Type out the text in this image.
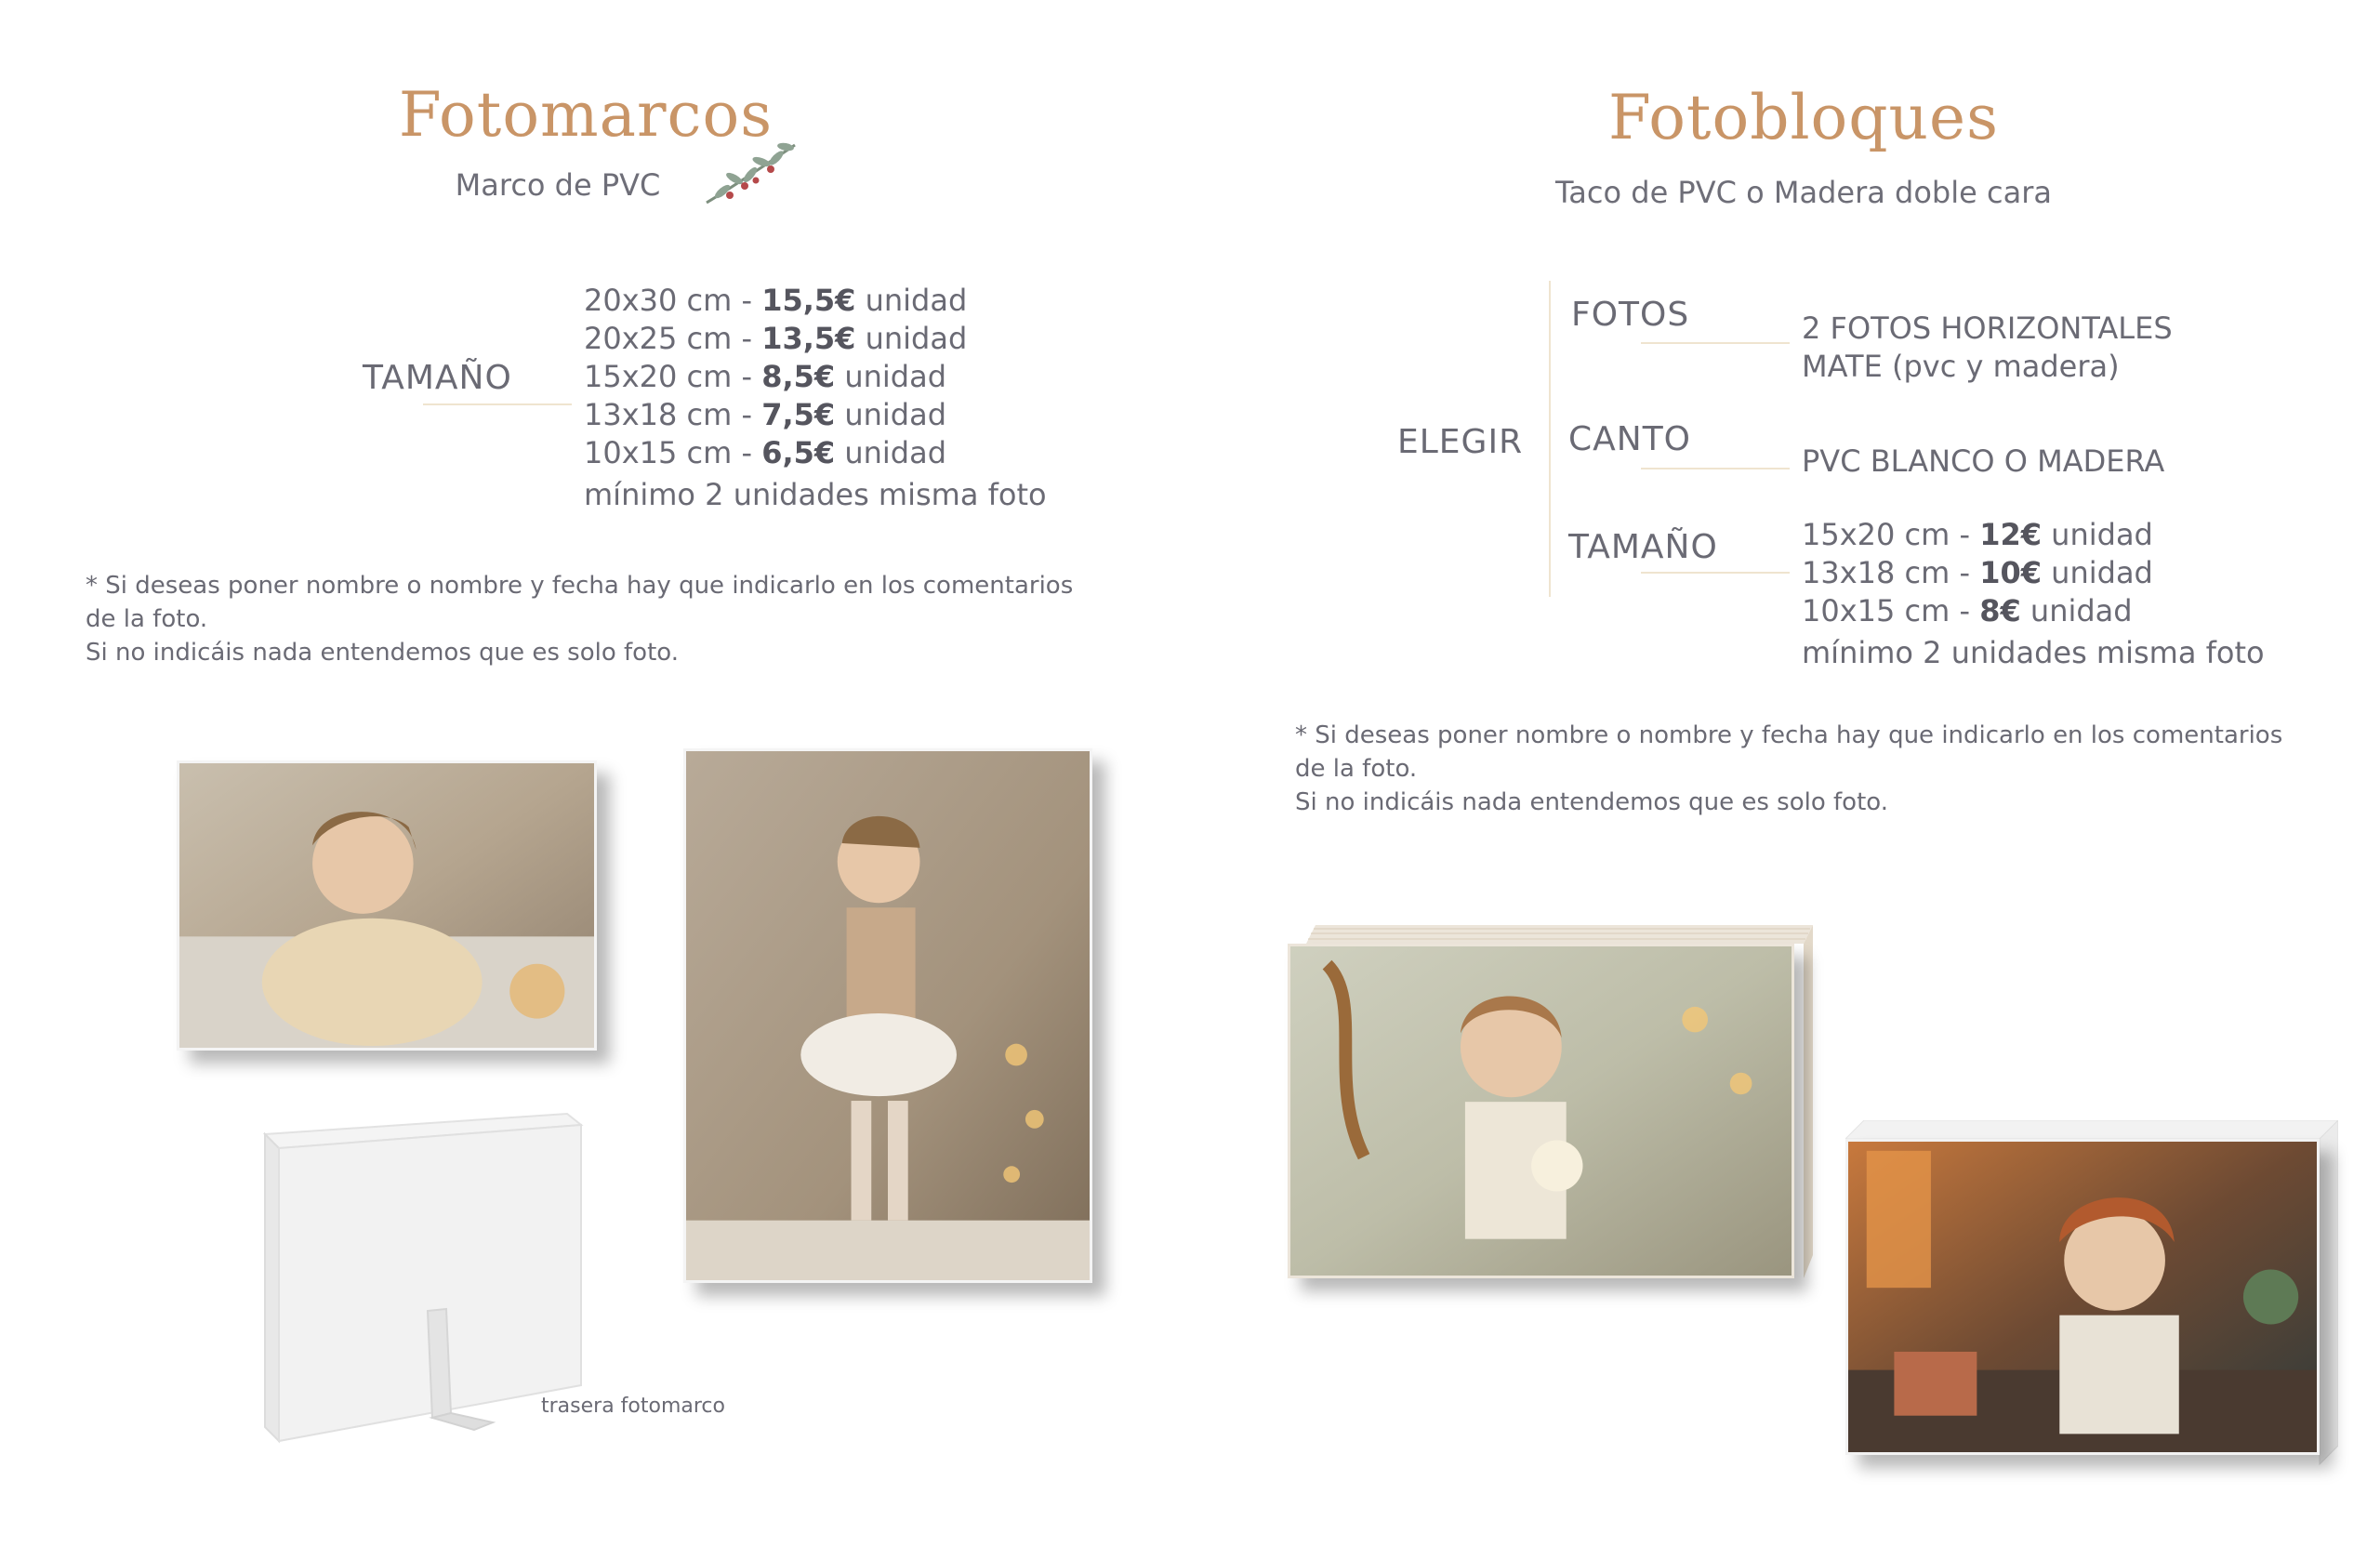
Fotomarcos
Marco de PVC
TAMAÑO
20x30 cm - 15,5€ unidad
20x25 cm - 13,5€ unidad
15x20 cm - 8,5€ unidad
13x18 cm - 7,5€ unidad
10x15 cm - 6,5€ unidad
mínimo 2 unidades misma foto
* Si deseas poner nombre o nombre y fecha hay que indicarlo en los comentarios
de la foto.
Si no indicáis nada entendemos que es solo foto.
trasera fotomarco
Fotobloques
Taco de PVC o Madera doble cara
ELEGIR
FOTOS	2 FOTOS HORIZONTALES
MATE (pvc y madera)
CANTO
PVC BLANCO O MADERA
TAMAÑO	15x20 cm - 12€ unidad
13x18 cm - 10€ unidad
10x15 cm - 8€ unidad
mínimo 2 unidades misma foto
* Si deseas poner nombre o nombre y fecha hay que indicarlo en los comentarios
de la foto.
Si no indicáis nada entendemos que es solo foto.
